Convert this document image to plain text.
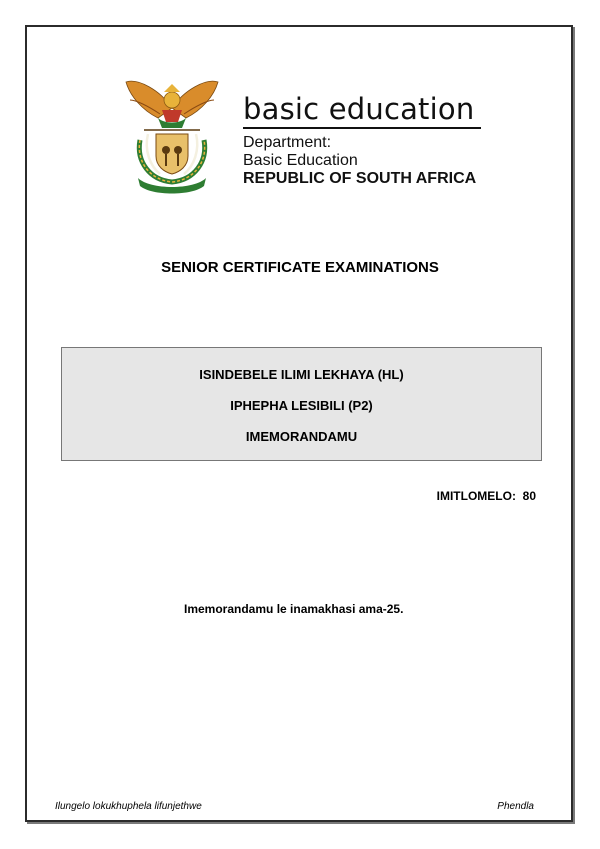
basic education
Department:
Basic Education
REPUBLIC OF SOUTH AFRICA
SENIOR CERTIFICATE EXAMINATIONS
ISINDEBELE ILIMI LEKHAYA (HL)
IPHEPHA LESIBILI (P2)
IMEMORANDAMU
IMITLOMELO: 80
Imemorandamu le inamakhasi ama-25.
Ilungelo lokukhuphela lifunjethwe	Phendla
